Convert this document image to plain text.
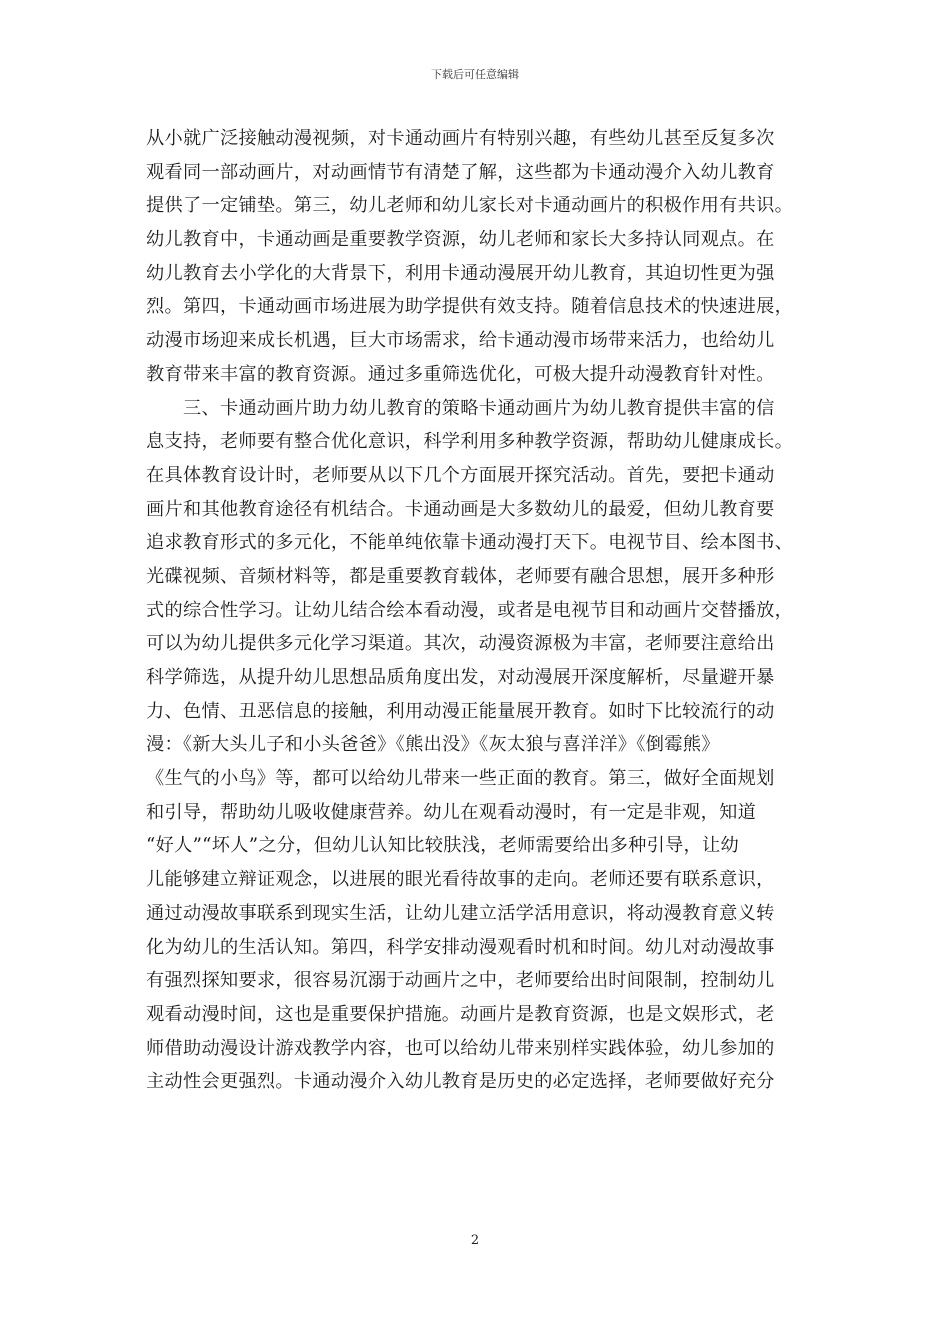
下载后可任意编辑
从小就广泛接触动漫视频，对卡通动画片有特别兴趣，有些幼儿甚至反复多次
观看同一部动画片，对动画情节有清楚了解，这些都为卡通动漫介入幼儿教育
提供了一定铺垫。第三，幼儿老师和幼儿家长对卡通动画片的积极作用有共识。
幼儿教育中，卡通动画是重要教学资源，幼儿老师和家长大多持认同观点。在
幼儿教育去小学化的大背景下，利用卡通动漫展开幼儿教育，其迫切性更为强
烈。第四，卡通动画市场进展为助学提供有效支持。随着信息技术的快速进展，
动漫市场迎来成长机遇，巨大市场需求，给卡通动漫市场带来活力，也给幼儿
教育带来丰富的教育资源。通过多重筛选优化，可极大提升动漫教育针对性。
　　三、卡通动画片助力幼儿教育的策略卡通动画片为幼儿教育提供丰富的信
息支持，老师要有整合优化意识，科学利用多种教学资源，帮助幼儿健康成长。
在具体教育设计时，老师要从以下几个方面展开探究活动。首先，要把卡通动
画片和其他教育途径有机结合。卡通动画是大多数幼儿的最爱，但幼儿教育要
追求教育形式的多元化，不能单纯依靠卡通动漫打天下。电视节目、绘本图书、
光碟视频、音频材料等，都是重要教育载体，老师要有融合思想，展开多种形
式的综合性学习。让幼儿结合绘本看动漫，或者是电视节目和动画片交替播放，
可以为幼儿提供多元化学习渠道。其次，动漫资源极为丰富，老师要注意给出
科学筛选，从提升幼儿思想品质角度出发，对动漫展开深度解析，尽量避开暴
力、色情、丑恶信息的接触，利用动漫正能量展开教育。如时下比较流行的动
漫：《新大头儿子和小头爸爸》《熊出没》《灰太狼与喜洋洋》《倒霉熊》
《生气的小鸟》等，都可以给幼儿带来一些正面的教育。第三，做好全面规划
和引导，帮助幼儿吸收健康营养。幼儿在观看动漫时，有一定是非观，知道
“好人”“坏人”之分，但幼儿认知比较肤浅，老师需要给出多种引导，让幼
儿能够建立辩证观念，以进展的眼光看待故事的走向。老师还要有联系意识，
通过动漫故事联系到现实生活，让幼儿建立活学活用意识，将动漫教育意义转
化为幼儿的生活认知。第四，科学安排动漫观看时机和时间。幼儿对动漫故事
有强烈探知要求，很容易沉溺于动画片之中，老师要给出时间限制，控制幼儿
观看动漫时间，这也是重要保护措施。动画片是教育资源，也是文娱形式，老
师借助动漫设计游戏教学内容，也可以给幼儿带来别样实践体验，幼儿参加的
主动性会更强烈。卡通动漫介入幼儿教育是历史的必定选择，老师要做好充分
2
